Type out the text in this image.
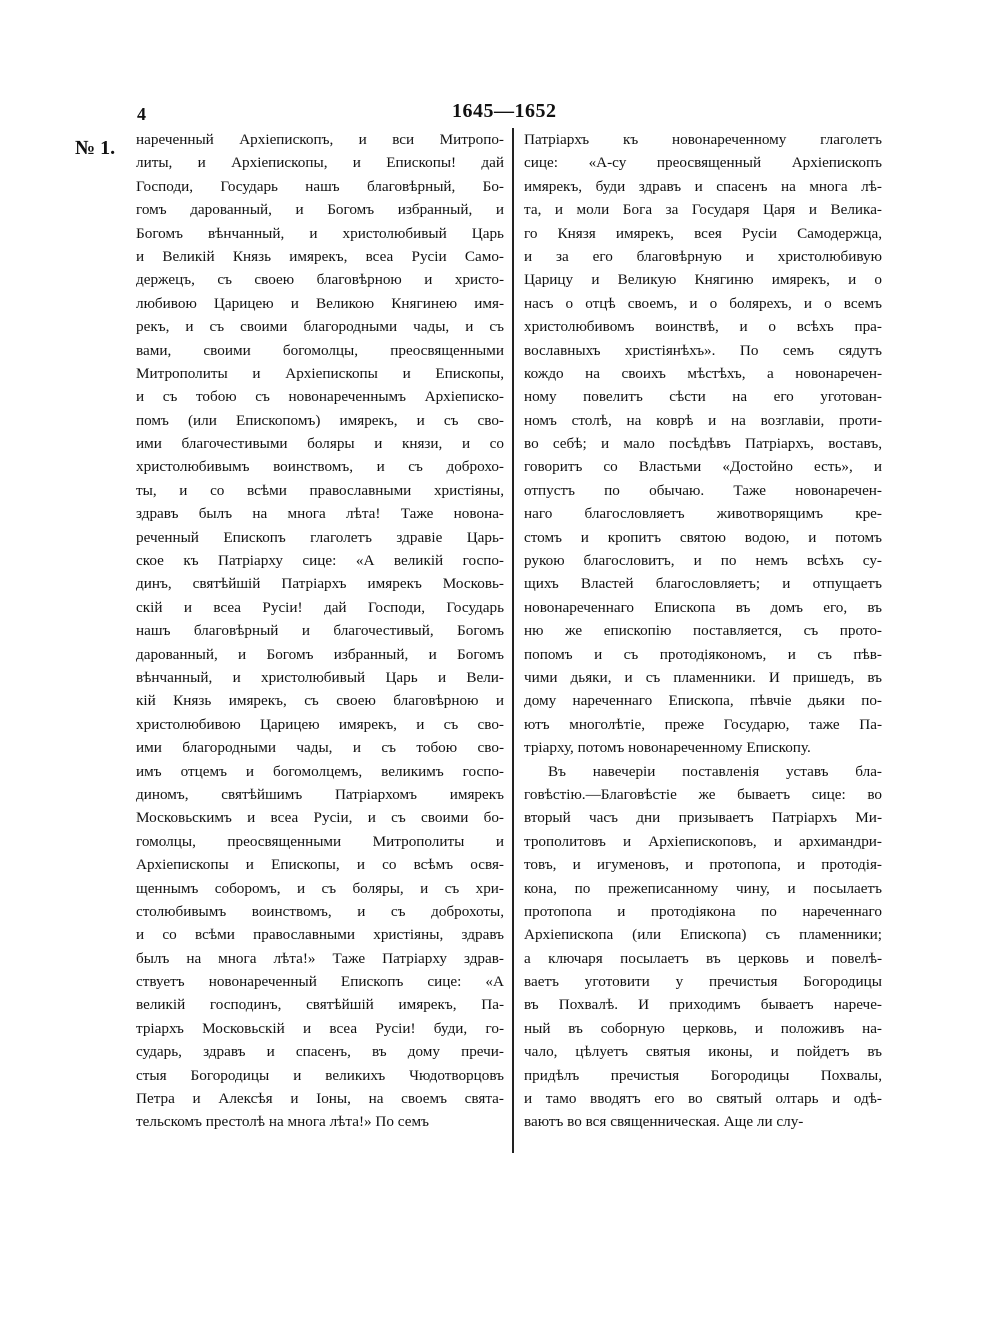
4	1645—1652
№ 1. нареченный Архіепископъ, и вси Митропо-
литы, и Архіепископы, и Епископы! дай
Господи, Государь нашъ благовѣрный, Бо-
гомъ дарованный, и Богомъ избранный, и
Богомъ вѣнчанный, и христолюбивый Царь
и Великій Князь имярекъ, всеа Русіи Само-
держецъ, съ своею благовѣрною и христо-
любивою Царицею и Великою Княгинею имя-
рекъ, и съ своими благородными чады, и съ
вами, своими богомолцы, преосвященными
Митрополиты и Архіепископы и Епископы,
и съ тобою съ новонареченнымъ Архіеписко-
помъ (или Епископомъ) имярекъ, и съ сво-
ими благочестивыми боляры и князи, и со
христолюбивымъ воинствомъ, и съ доброхо-
ты, и со всѣми православными христіяны,
здравъ былъ на многа лѣта! Таже новона-
реченный Епископъ глаголетъ здравіе Царь-
ское къ Патріарху сице: «А великій госпо-
динъ, святѣйшій Патріархъ имярекъ Московь-
скій и всеа Русіи! дай Господи, Государь
нашъ благовѣрный и благочестивый, Богомъ
дарованный, и Богомъ избранный, и Богомъ
вѣнчанный, и христолюбивый Царь и Вели-
кій Князь имярекъ, съ своею благовѣрною и
христолюбивою Царицею имярекъ, и съ сво-
ими благородными чады, и съ тобою сво-
имъ отцемъ и богомолцемъ, великимъ госпо-
диномъ, святѣйшимъ Патріархомъ имярекъ
Московьскимъ и всеа Русіи, и съ своими бо-
гомолцы, преосвященными Митрополиты и
Архіепископы и Епископы, и со всѣмъ освя-
щеннымъ соборомъ, и съ боляры, и съ хри-
столюбивымъ воинствомъ, и съ доброхоты,
и со всѣми православными христіяны, здравъ
былъ на многа лѣта!» Таже Патріарху здрав-
ствуетъ новонареченный Епископъ сице: «А
великій господинъ, святѣйшій имярекъ, Па-
тріархъ Московьскій и всеа Русіи! буди, го-
сударь, здравъ и спасенъ, въ дому пречи-
стыя Богородицы и великихъ Чюдотворцовъ
Петра и Алексѣя и Іоны, на своемъ свята-
тельскомъ престолѣ на многа лѣта!» По семъ
Патріархъ къ новонареченному глаголетъ
сице: «А-су преосвященный Архіепископъ
имярекъ, буди здравъ и спасенъ на многа лѣ-
та, и моли Бога за Государя Царя и Велика-
го Князя имярекъ, всея Русіи Самодержца,
и за его благовѣрную и христолюбивую
Царицу и Великую Княгиню имярекъ, и о
насъ о отцѣ своемъ, и о болярехъ, и о всемъ
христолюбивомъ воинствѣ, и о всѣхъ пра-
вославныхъ христіянѣхъ». По семъ сядутъ
кождо на своихъ мѣстѣхъ, а новонаречен-
ному повелитъ сѣсти на его уготован-
номъ столѣ, на коврѣ и на возглавіи, проти-
во себѣ; и мало посѣдѣвъ Патріархъ, воставъ,
говоритъ со Властьми «Достойно есть», и
отпустъ по обычаю. Таже новонаречен-
наго благословляетъ животворящимъ кре-
стомъ и кропитъ святою водою, и потомъ
рукою благословитъ, и по немъ всѣхъ су-
щихъ Властей благословляетъ; и отпущаетъ
новонареченнаго Епископа въ домъ его, въ
ню же епископію поставляется, съ прото-
попомъ и съ протодіякономъ, и съ пѣв-
чими дьяки, и съ пламенники. И пришедъ, въ
дому нареченнаго Епископа, пѣвчіе дьяки по-
ютъ многолѣтіе, преже Государю, таже Па-
тріарху, потомъ новонареченному Епископу.
Въ навечеріи поставленія уставъ бла-
говѣстію.—Благовѣстіе же бываетъ сице: во
вторый часъ дни призываетъ Патріархъ Ми-
трополитовъ и Архіепископовъ, и архимандри-
товъ, и игуменовъ, и протопопа, и протодія-
кона, по прежеписанному чину, и посылаетъ
протопопа и протодіякона по нареченнаго
Архіепископа (или Епископа) съ пламенники;
а ключаря посылаетъ въ церковь и повелѣ-
ваетъ уготовити у пречистыя Богородицы
въ Похвалѣ. И приходимъ бываетъ нарече-
ный въ соборную церковь, и положивъ на-
чало, цѣлуетъ святыя иконы, и пойдетъ въ
придѣлъ пречистыя Богородицы Похвалы,
и тамо вводятъ его во святый олтарь и одѣ-
ваютъ во вся священническая. Аще ли слу-
